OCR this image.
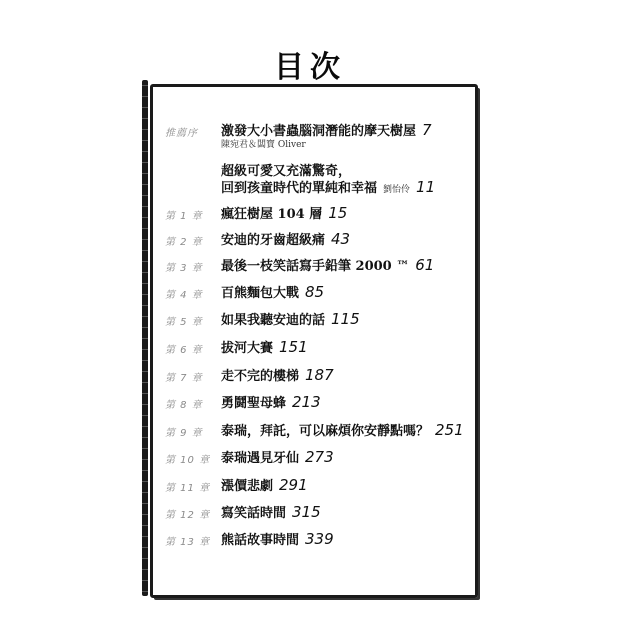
目次
推薦序	激發大小書蟲腦洞潛能的摩天樹屋 7
陳宛君＆闆寶 Oliver
超級可愛又充滿驚奇，
回到孩童時代的單純和幸福 劉怡伶 11
第 1 章	瘋狂樹屋 104 層 15
第 2 章	安迪的牙齒超級痛 43
第 3 章	最後一枝笑話寫手鉛筆 2000 ™ 61
第 4 章	百熊麵包大戰 85
第 5 章	如果我聽安迪的話 115
第 6 章	拔河大賽 151
第 7 章	走不完的樓梯 187
第 8 章	勇鬪聖母蜂 213
第 9 章	泰瑞，拜託，可以麻煩你安靜點嗎？ 251
第 10 章 泰瑞遇見牙仙 273
第 11 章 漲價悲劇 291
第 12 章 寫笑話時間 315
第 13 章 熊話故事時間 339
